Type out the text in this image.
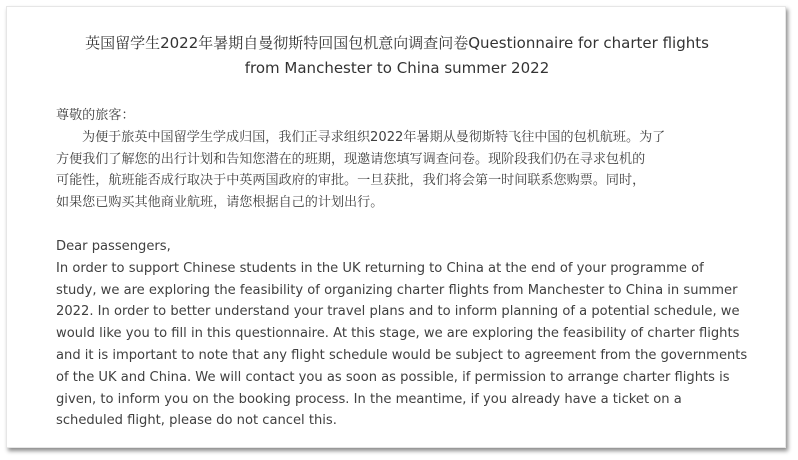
英国留学生2022年暑期自曼彻斯特回国包机意向调查问卷Questionnaire for charter flights
from Manchester to China summer 2022
尊敬的旅客：
为便于旅英中国留学生学成归国，我们正寻求组织2022年暑期从曼彻斯特飞往中国的包机航班。为了
方便我们了解您的出行计划和告知您潜在的班期，现邀请您填写调查问卷。现阶段我们仍在寻求包机的
可能性，航班能否成行取决于中英两国政府的审批。一旦获批，我们将会第一时间联系您购票。同时，
如果您已购买其他商业航班，请您根据自己的计划出行。
Dear passengers,
In order to support Chinese students in the UK returning to China at the end of your programme of
study, we are exploring the feasibility of organizing charter flights from Manchester to China in summer
2022. In order to better understand your travel plans and to inform planning of a potential schedule, we
would like you to fill in this questionnaire. At this stage, we are exploring the feasibility of charter flights
and it is important to note that any flight schedule would be subject to agreement from the governments
of the UK and China. We will contact you as soon as possible, if permission to arrange charter flights is
given, to inform you on the booking process. In the meantime, if you already have a ticket on a
scheduled flight, please do not cancel this.
